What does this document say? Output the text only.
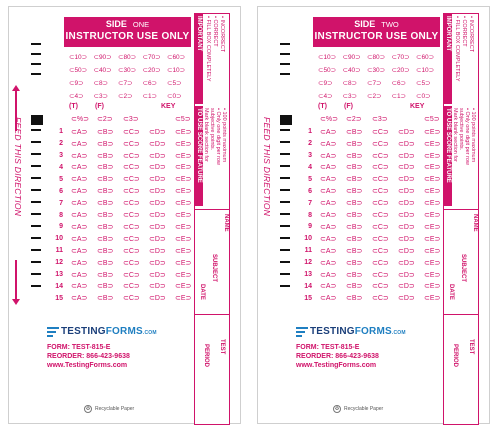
SIDE ONE
INSTRUCTOR USE ONLY
⊂10⊃ ⊂90⊃ ⊂80⊃ ⊂70⊃ ⊂60⊃
⊂50⊃ ⊂40⊃ ⊂30⊃ ⊂20⊃ ⊂10⊃
⊂9⊃	⊂8⊃	⊂7⊃	⊂6⊃	⊂5⊃
⊂4⊃	⊂3⊃	⊂2⊃	⊂1⊃	⊂0⊃
FEED THIS DIRECTION
(T) (F)	KEY
⊂%⊃	⊂2⊃	⊂3⊃	⊂5⊃
1 ⊂A⊃	⊂B⊃	⊂C⊃	⊂D⊃	⊂E⊃
2 ⊂A⊃	⊂B⊃	⊂C⊃	⊂D⊃	⊂E⊃
3 ⊂A⊃	⊂B⊃	⊂C⊃	⊂D⊃	⊂E⊃
4 ⊂A⊃	⊂B⊃	⊂C⊃	⊂D⊃	⊂E⊃
5 ⊂A⊃	⊂B⊃	⊂C⊃	⊂D⊃	⊂E⊃
6 ⊂A⊃	⊂B⊃	⊂C⊃	⊂D⊃	⊂E⊃
7 ⊂A⊃	⊂B⊃	⊂C⊃	⊂D⊃	⊂E⊃
8 ⊂A⊃	⊂B⊃	⊂C⊃	⊂D⊃	⊂E⊃
9 ⊂A⊃	⊂B⊃	⊂C⊃	⊂D⊃	⊂E⊃
10 ⊂A⊃	⊂B⊃	⊂C⊃	⊂D⊃	⊂E⊃
11 ⊂A⊃	⊂B⊃	⊂C⊃	⊂D⊃	⊂E⊃
12 ⊂A⊃	⊂B⊃	⊂C⊃	⊂D⊃	⊂E⊃
13 ⊂A⊃	⊂B⊃	⊂C⊃	⊂D⊃	⊂E⊃
14 ⊂A⊃	⊂B⊃	⊂C⊃	⊂D⊃	⊂E⊃
15 ⊂A⊃	⊂B⊃	⊂C⊃	⊂D⊃	⊂E⊃
IMPORTANT • FILL BOX COMPLETELY • CORRECT • INCORRECT
TO USE SCORE FEATURE Mark blank section for subjective points. • Only one digit per row • 100 points maximum
NAME
SUBJECT
DATE
TEST
PERIOD
TESTINGFORMS.COM
FORM: TEST-815-E
REORDER: 866-423-9638
www.TestingForms.com
♻ Recyclable Paper
SIDE TWO
INSTRUCTOR USE ONLY
⊂10⊃ ⊂90⊃ ⊂80⊃ ⊂70⊃ ⊂60⊃
⊂50⊃ ⊂40⊃ ⊂30⊃ ⊂20⊃ ⊂10⊃
⊂9⊃	⊂8⊃	⊂7⊃	⊂6⊃	⊂5⊃
⊂4⊃	⊂3⊃	⊂2⊃	⊂1⊃	⊂0⊃
FEED THIS DIRECTION
(T) (F)	KEY
⊂%⊃	⊂2⊃	⊂3⊃	⊂5⊃
1 ⊂A⊃	⊂B⊃	⊂C⊃	⊂D⊃	⊂E⊃
2 ⊂A⊃	⊂B⊃	⊂C⊃	⊂D⊃	⊂E⊃
3 ⊂A⊃	⊂B⊃	⊂C⊃	⊂D⊃	⊂E⊃
4 ⊂A⊃	⊂B⊃	⊂C⊃	⊂D⊃	⊂E⊃
5 ⊂A⊃	⊂B⊃	⊂C⊃	⊂D⊃	⊂E⊃
6 ⊂A⊃	⊂B⊃	⊂C⊃	⊂D⊃	⊂E⊃
7 ⊂A⊃	⊂B⊃	⊂C⊃	⊂D⊃	⊂E⊃
8 ⊂A⊃	⊂B⊃	⊂C⊃	⊂D⊃	⊂E⊃
9 ⊂A⊃	⊂B⊃	⊂C⊃	⊂D⊃	⊂E⊃
10 ⊂A⊃	⊂B⊃	⊂C⊃	⊂D⊃	⊂E⊃
11 ⊂A⊃	⊂B⊃	⊂C⊃	⊂D⊃	⊂E⊃
12 ⊂A⊃	⊂B⊃	⊂C⊃	⊂D⊃	⊂E⊃
13 ⊂A⊃	⊂B⊃	⊂C⊃	⊂D⊃	⊂E⊃
14 ⊂A⊃	⊂B⊃	⊂C⊃	⊂D⊃	⊂E⊃
15 ⊂A⊃	⊂B⊃	⊂C⊃	⊂D⊃	⊂E⊃
IMPORTANT • FILL BOX COMPLETELY • CORRECT • INCORRECT
TO USE SCORE FEATURE Mark blank section for subjective points. • Only one digit per row • 100 points maximum
NAME
SUBJECT
DATE
TEST
PERIOD
TESTINGFORMS.COM
FORM: TEST-815-E
REORDER: 866-423-9638
www.TestingForms.com
♻ Recyclable Paper
